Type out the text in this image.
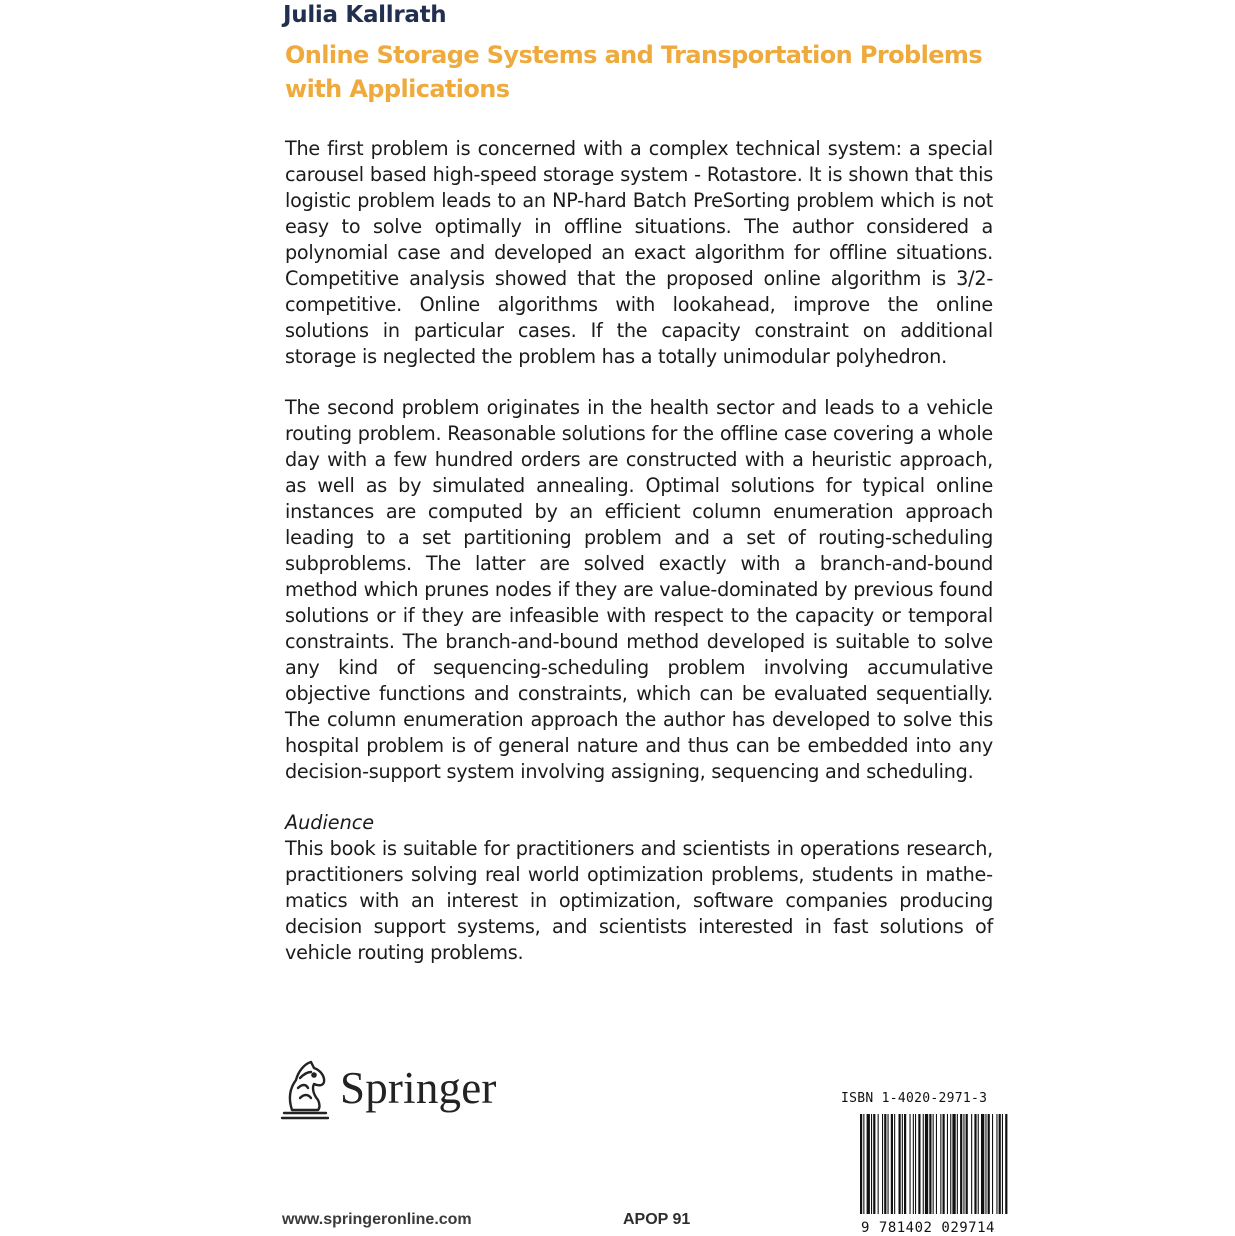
Julia Kallrath
Online Storage Systems and Transportation Problems
with Applications

The first problem is concerned with a complex technical system: a special carousel based high-speed storage system - Rotastore. It is shown that this logistic problem leads to an NP-hard Batch PreSorting problem which is not easy to solve optimally in offline situations. The author considered a polynomial case and developed an exact algorithm for offline situations. Competitive analysis showed that the proposed online algorithm is 3/2-competitive. Online algorithms with lookahead, improve the online solutions in particular cases. If the capacity constraint on additional storage is neglected the problem has a totally unimodular polyhedron.

The second problem originates in the health sector and leads to a vehicle routing problem. Reasonable solutions for the offline case covering a whole day with a few hundred orders are constructed with a heuristic approach, as well as by simulated annealing. Optimal solutions for typical online instances are computed by an efficient column enumeration approach leading to a set partitioning problem and a set of routing-scheduling subproblems. The latter are solved exactly with a branch-and-bound method which prunes nodes if they are value-dominated by previous found solutions or if they are infeasible with respect to the capacity or temporal constraints. The branch-and-bound method developed is suitable to solve any kind of sequencing-scheduling problem involving accumulative objective functions and constraints, which can be evaluated sequentially. The column enumeration approach the author has developed to solve this hospital problem is of general nature and thus can be embedded into any decision-support system involving assigning, sequencing and scheduling.

Audience

This book is suitable for practitioners and scientists in operations research, practitioners solving real world optimization problems, students in mathematics with an interest in optimization, software companies producing decision support systems, and scientists interested in fast solutions of vehicle routing problems.

Springer	ISBN 1-4020-2971-3
9 781402 029714
www.springeronline.com	APOP 91
